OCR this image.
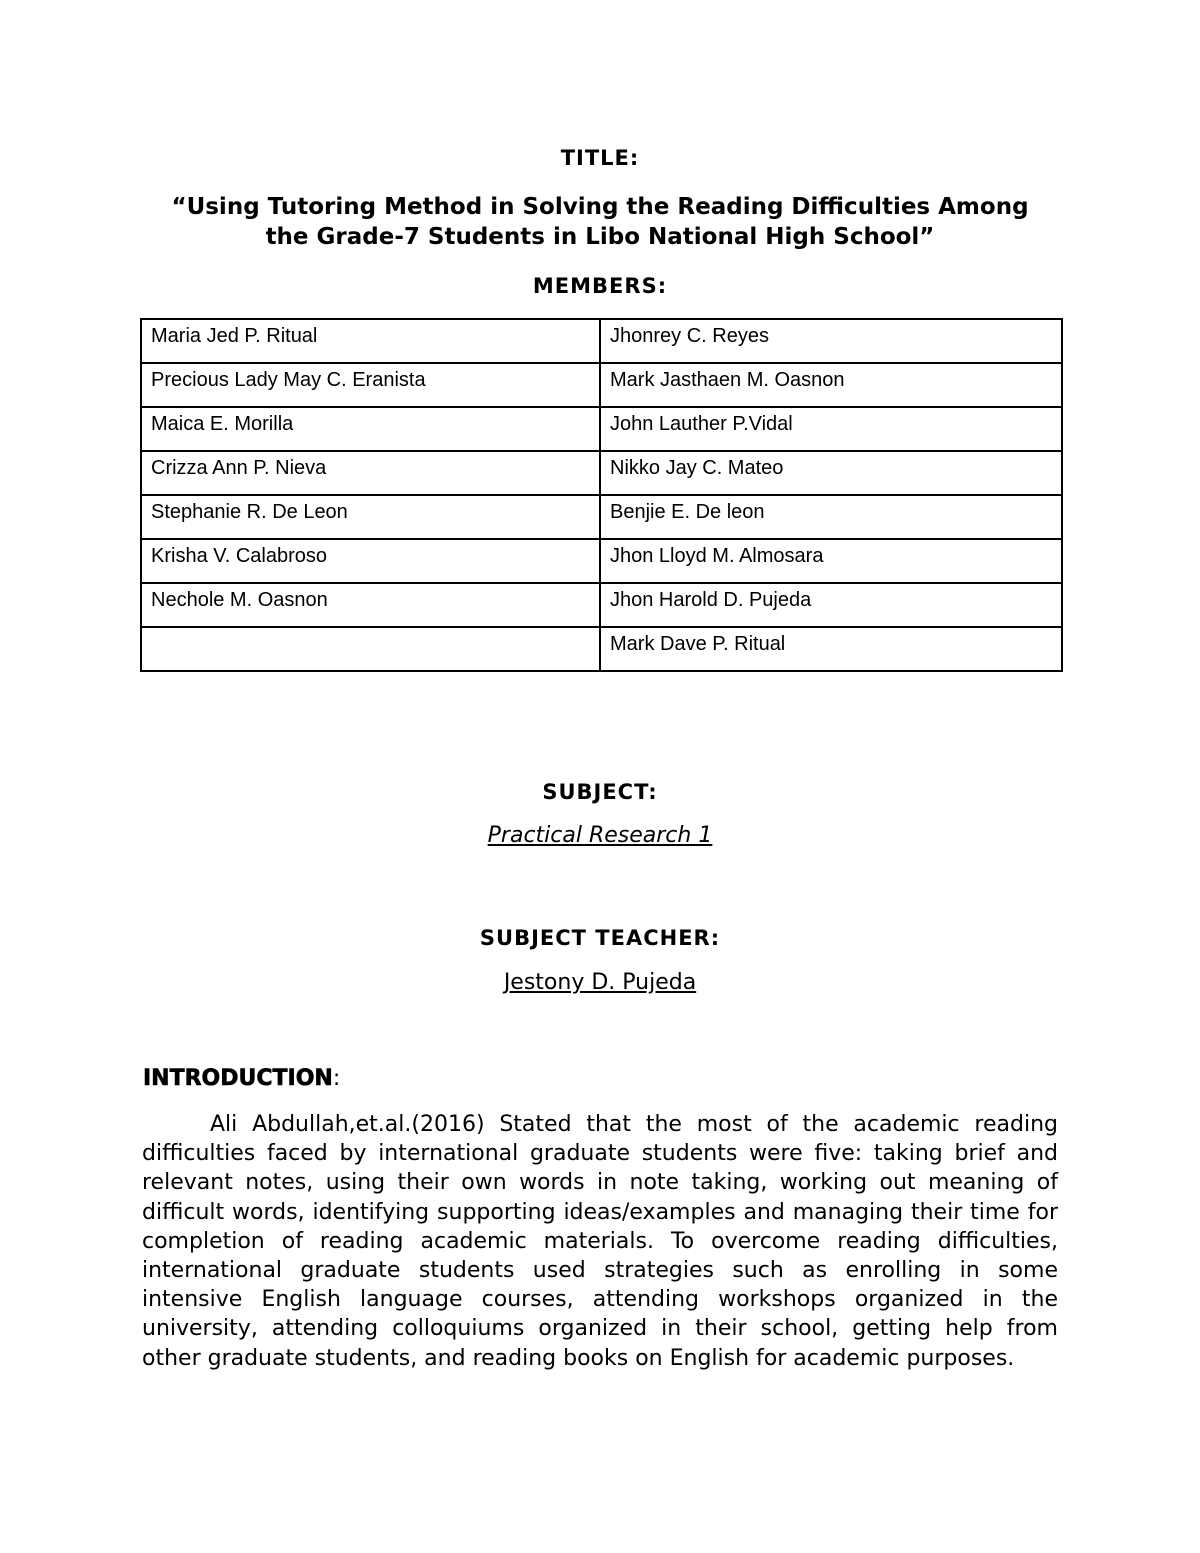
TITLE:
“Using Tutoring Method in Solving the Reading Difficulties Among
the Grade-7 Students in Libo National High School”
MEMBERS:
Maria Jed P. Ritual	Jhonrey C. Reyes
Precious Lady May C. Eranista	Mark Jasthaen M. Oasnon
Maica E. Morilla	John Lauther P.Vidal
Crizza Ann P. Nieva	Nikko Jay C. Mateo
Stephanie R. De Leon	Benjie E. De leon
Krisha V. Calabroso	Jhon Lloyd M. Almosara
Nechole M. Oasnon	Jhon Harold D. Pujeda
	Mark Dave P. Ritual
SUBJECT:
Practical Research 1
SUBJECT TEACHER:
Jestony D. Pujeda
INTRODUCTION:

Ali Abdullah,et.al.(2016) Stated that the most of the academic reading difficulties faced by international graduate students were five: taking brief and relevant notes, using their own words in note taking, working out meaning of difficult words, identifying supporting ideas/examples and managing their time for completion of reading academic materials. To overcome reading difficulties, international graduate students used strategies such as enrolling in some intensive English language courses, attending workshops organized in the university, attending colloquiums organized in their school, getting help from other graduate students, and reading books on English for academic purposes.
